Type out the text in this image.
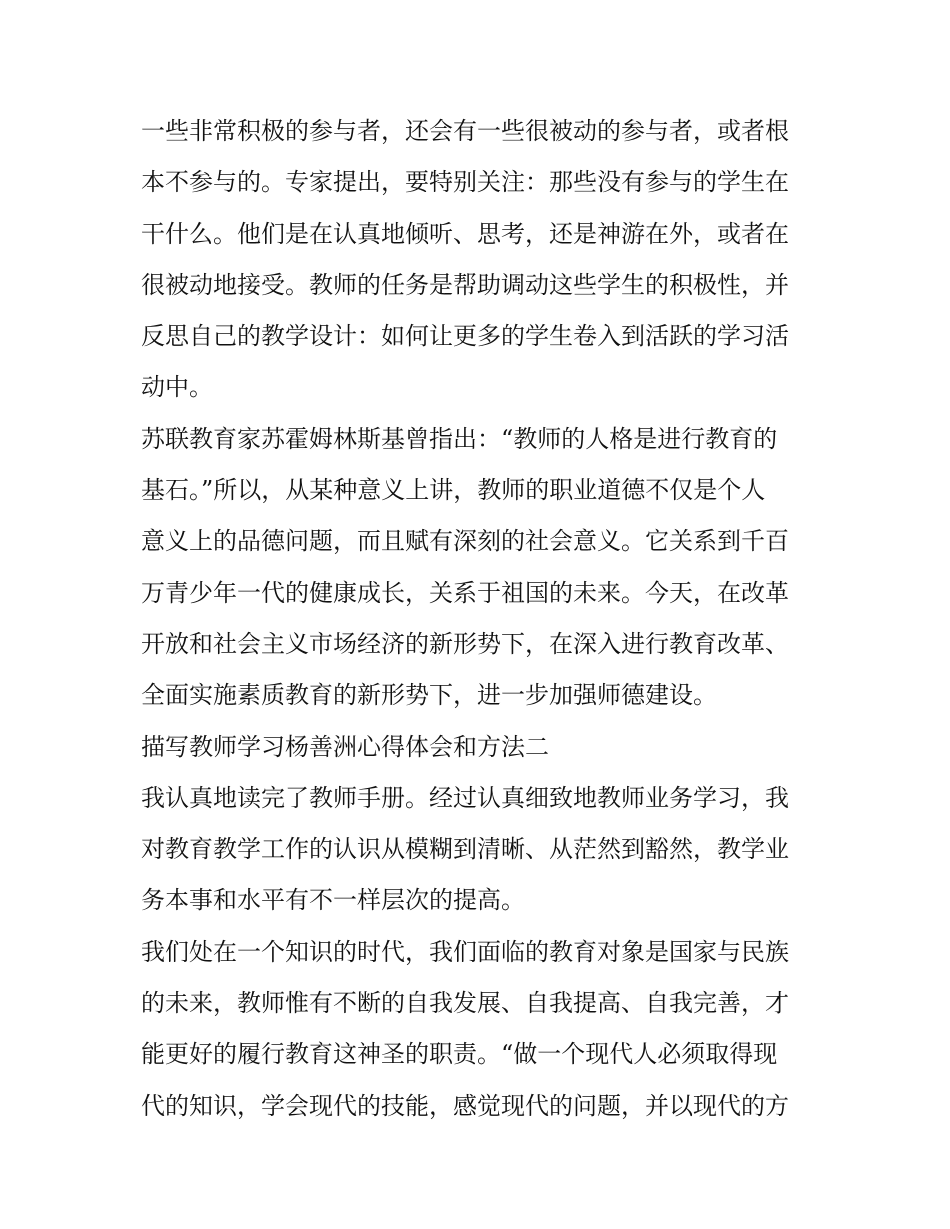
一些非常积极的参与者，还会有一些很被动的参与者，或者根
本不参与的。专家提出，要特别关注：那些没有参与的学生在
干什么。他们是在认真地倾听、思考，还是神游在外，或者在
很被动地接受。教师的任务是帮助调动这些学生的积极性，并
反思自己的教学设计：如何让更多的学生卷入到活跃的学习活
动中。
苏联教育家苏霍姆林斯基曾指出：“教师的人格是进行教育的
基石。”所以，从某种意义上讲，教师的职业道德不仅是个人
意义上的品德问题，而且赋有深刻的社会意义。它关系到千百
万青少年一代的健康成长，关系于祖国的未来。今天，在改革
开放和社会主义市场经济的新形势下，在深入进行教育改革、
全面实施素质教育的新形势下，进一步加强师德建设。
描写教师学习杨善洲心得体会和方法二
我认真地读完了教师手册。经过认真细致地教师业务学习，我
对教育教学工作的认识从模糊到清晰、从茫然到豁然，教学业
务本事和水平有不一样层次的提高。
我们处在一个知识的时代，我们面临的教育对象是国家与民族
的未来，教师惟有不断的自我发展、自我提高、自我完善，才
能更好的履行教育这神圣的职责。“做一个现代人必须取得现
代的知识，学会现代的技能，感觉现代的问题，并以现代的方
